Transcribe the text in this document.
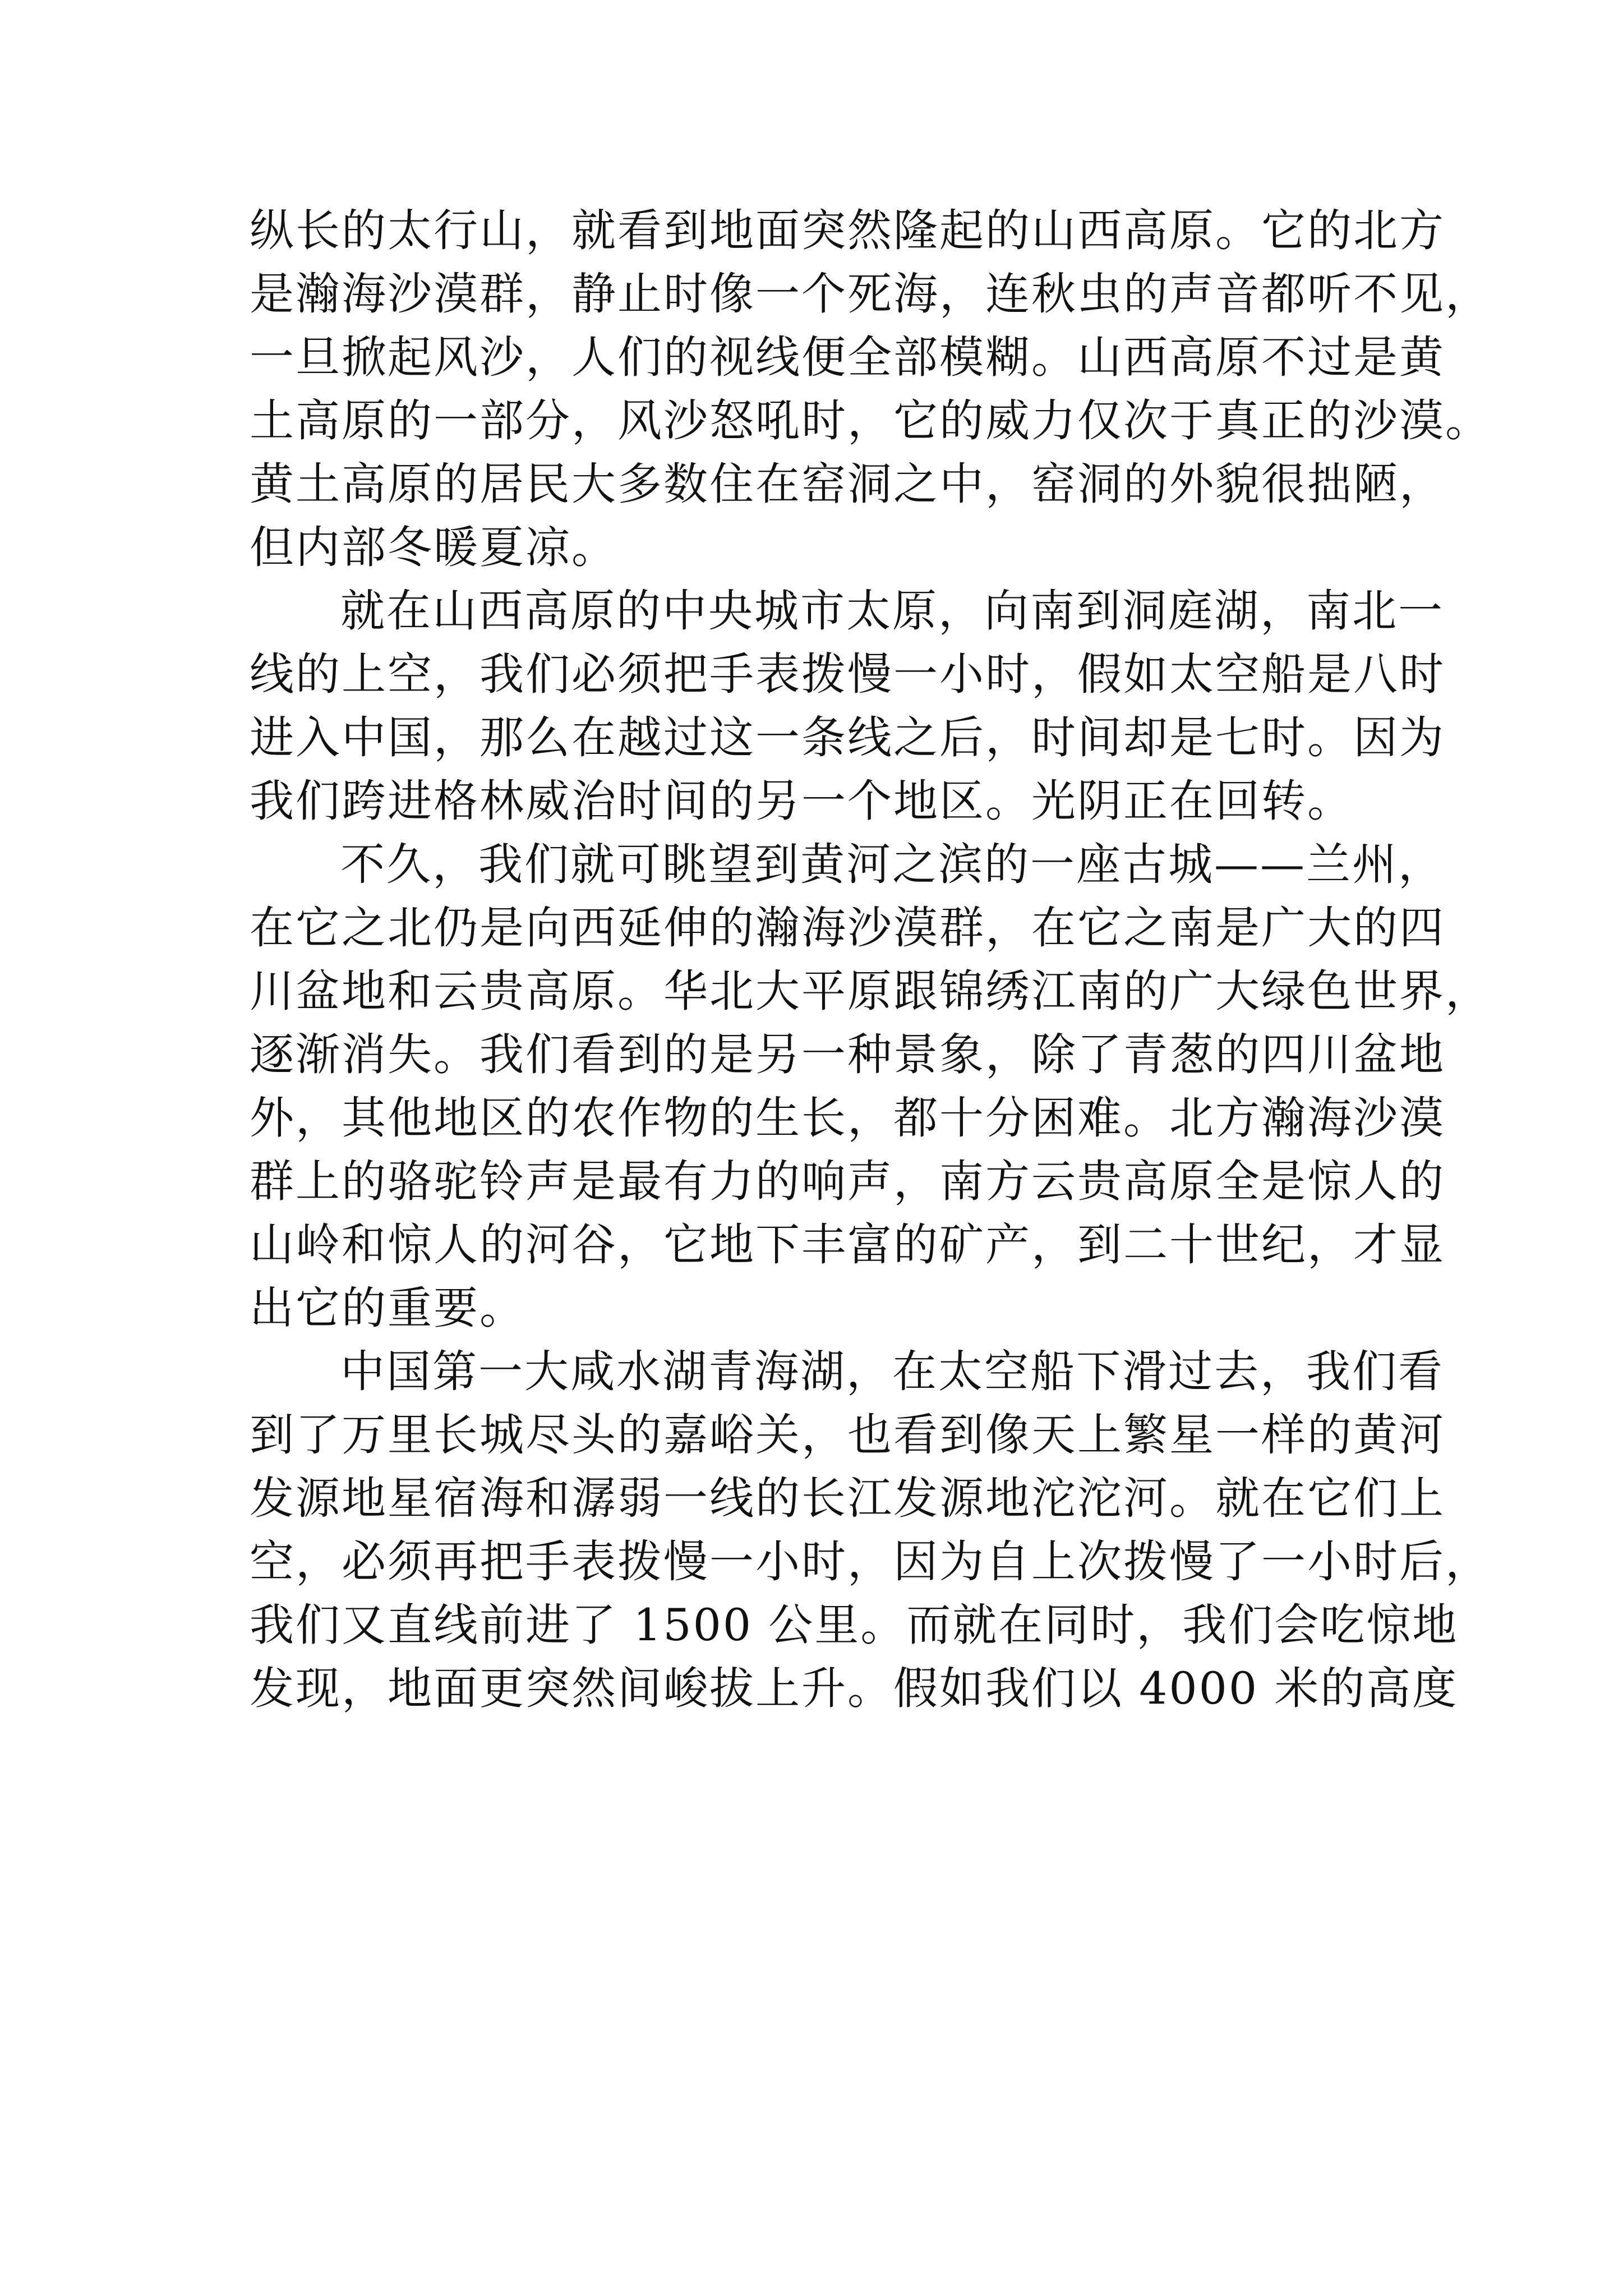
纵长的太行山，就看到地面突然隆起的山西高原。它的北方
是瀚海沙漠群，静止时像一个死海，连秋虫的声音都听不见，
一旦掀起风沙，人们的视线便全部模糊。山西高原不过是黄
土高原的一部分，风沙怒吼时，它的威力仅次于真正的沙漠。
黄土高原的居民大多数住在窑洞之中，窑洞的外貌很拙陋，
但内部冬暖夏凉。
就在山西高原的中央城市太原，向南到洞庭湖，南北一
线的上空，我们必须把手表拨慢一小时，假如太空船是八时
进入中国，那么在越过这一条线之后，时间却是七时。因为
我们跨进格林威治时间的另一个地区。光阴正在回转。
不久，我们就可眺望到黄河之滨的一座古城——兰州，
在它之北仍是向西延伸的瀚海沙漠群，在它之南是广大的四
川盆地和云贵高原。华北大平原跟锦绣江南的广大绿色世界，
逐渐消失。我们看到的是另一种景象，除了青葱的四川盆地
外，其他地区的农作物的生长，都十分困难。北方瀚海沙漠
群上的骆驼铃声是最有力的响声，南方云贵高原全是惊人的
山岭和惊人的河谷，它地下丰富的矿产，到二十世纪，才显
出它的重要。
中国第一大咸水湖青海湖，在太空船下滑过去，我们看
到了万里长城尽头的嘉峪关，也看到像天上繁星一样的黄河
发源地星宿海和潺弱一线的长江发源地沱沱河。就在它们上
空，必须再把手表拨慢一小时，因为自上次拨慢了一小时后，
我们又直线前进了 1500 公里。而就在同时，我们会吃惊地
发现，地面更突然间峻拔上升。假如我们以 4000 米的高度
